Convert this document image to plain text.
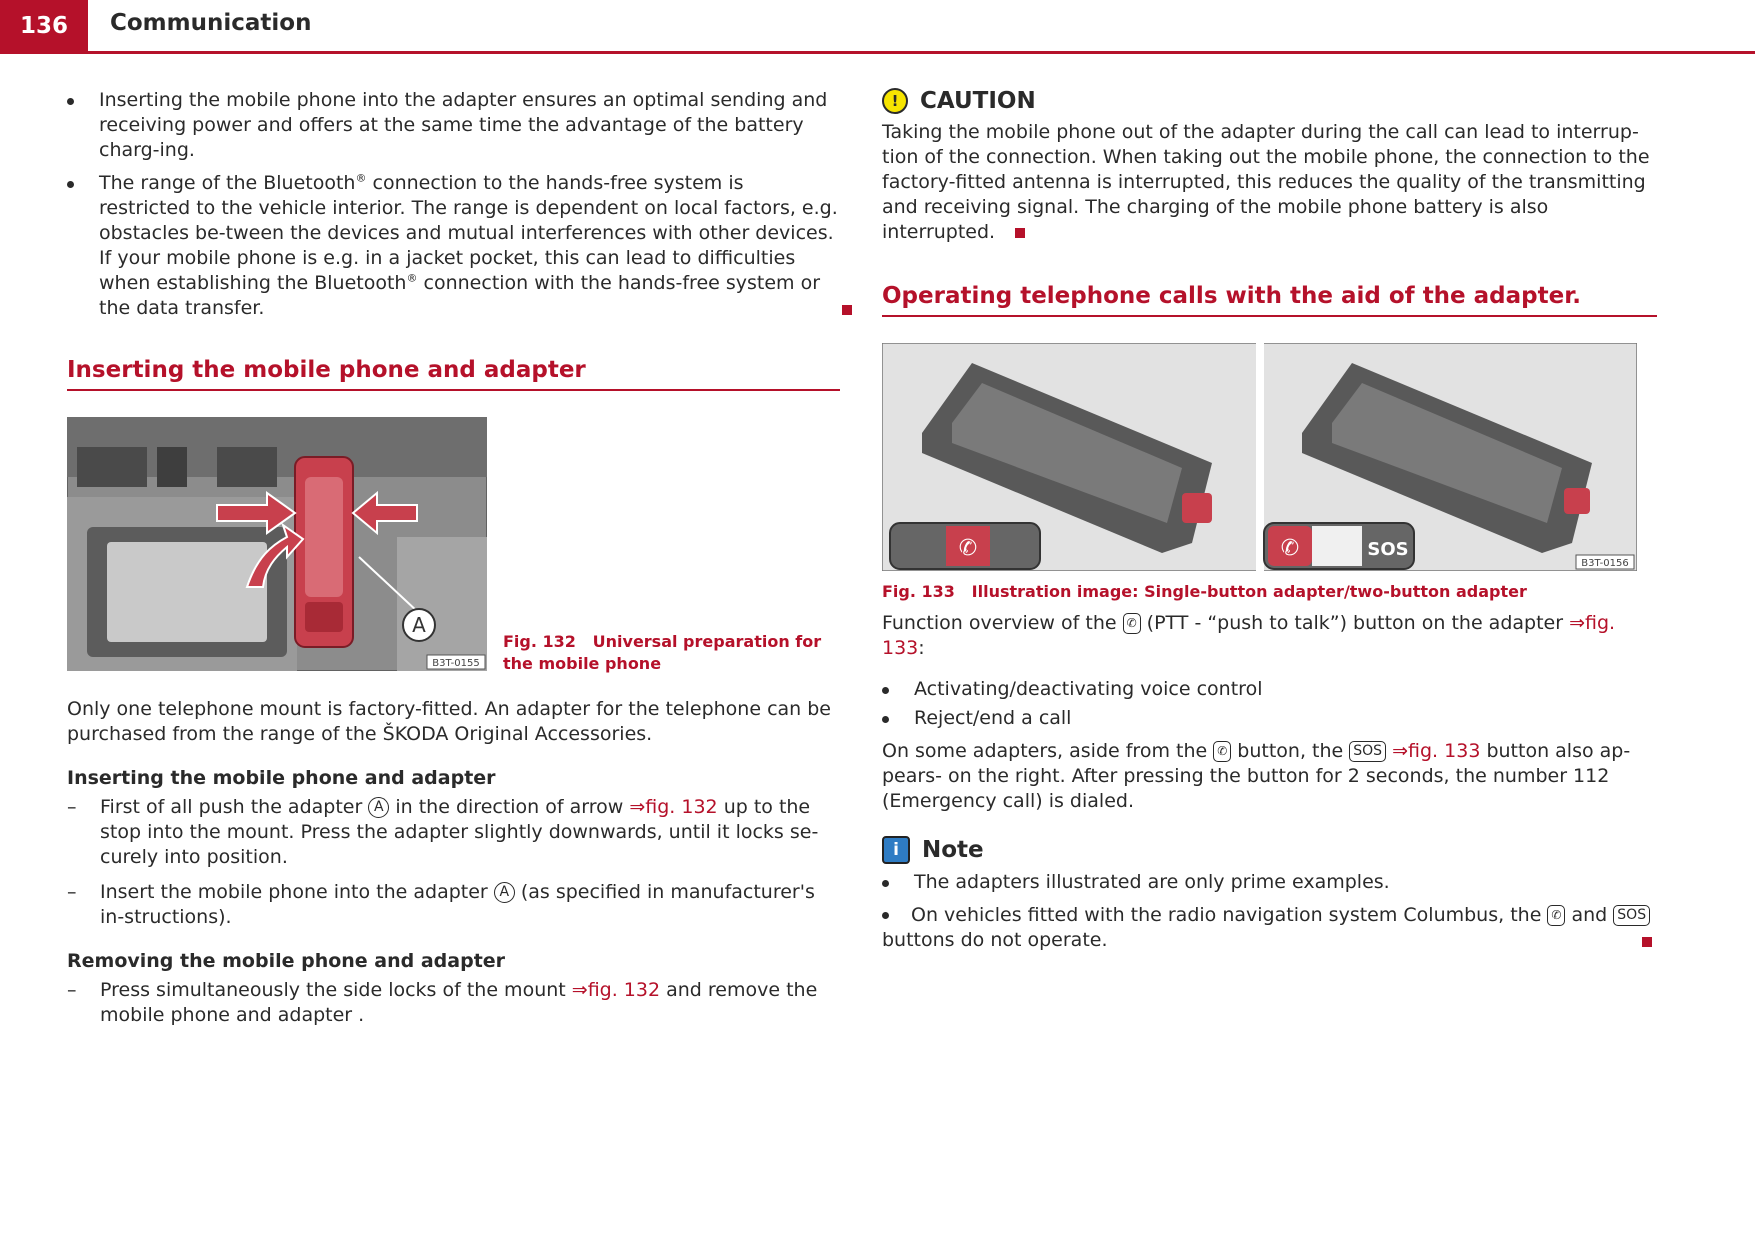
136	Communication

Inserting the mobile phone into the adapter ensures an optimal sending and receiving power and offers at the same time the advantage of the battery charg-ing.

The range of the Bluetooth® connection to the hands-free system is restricted to the vehicle interior. The range is dependent on local factors, e.g. obstacles be-tween the devices and mutual interferences with other devices. If your mobile phone is e.g. in a jacket pocket, this can lead to difficulties when establishing the Bluetooth® connection with the hands-free system or the data transfer.

Inserting the mobile phone and adapter
A
B3T-0155
Fig. 132 Universal preparation for the mobile phone

Only one telephone mount is factory-fitted. An adapter for the telephone can be purchased from the range of the ŠKODA Original Accessories.

Inserting the mobile phone and adapter

– First of all push the adapter A in the direction of arrow ⇒fig. 132 up to the stop into the mount. Press the adapter slightly downwards, until it locks se-curely into position.

– Insert the mobile phone into the adapter A (as specified in manufacturer's in-structions).

Removing the mobile phone and adapter

– Press simultaneously the side locks of the mount ⇒fig. 132 and remove the mobile phone and adapter .

! CAUTION

Taking the mobile phone out of the adapter during the call can lead to interrup-tion of the connection. When taking out the mobile phone, the connection to the factory-fitted antenna is interrupted, this reduces the quality of the transmitting and receiving signal. The charging of the mobile phone battery is also interrupted.

Operating telephone calls with the aid of the adapter.
✆	✆	SOS
B3T-0156
Fig. 133 Illustration image: Single-button adapter/two-button adapter

Function overview of the ✆ (PTT - “push to talk”) button on the adapter ⇒fig. 133:

Activating/deactivating voice control

Reject/end a call

On some adapters, aside from the ✆ button, the SOS ⇒fig. 133 button also ap-pears- on the right. After pressing the button for 2 seconds, the number 112 (Emergency call) is dialed.

i	Note

The adapters illustrated are only prime examples.

On vehicles fitted with the radio navigation system Columbus, the ✆ and SOS buttons do not operate.
